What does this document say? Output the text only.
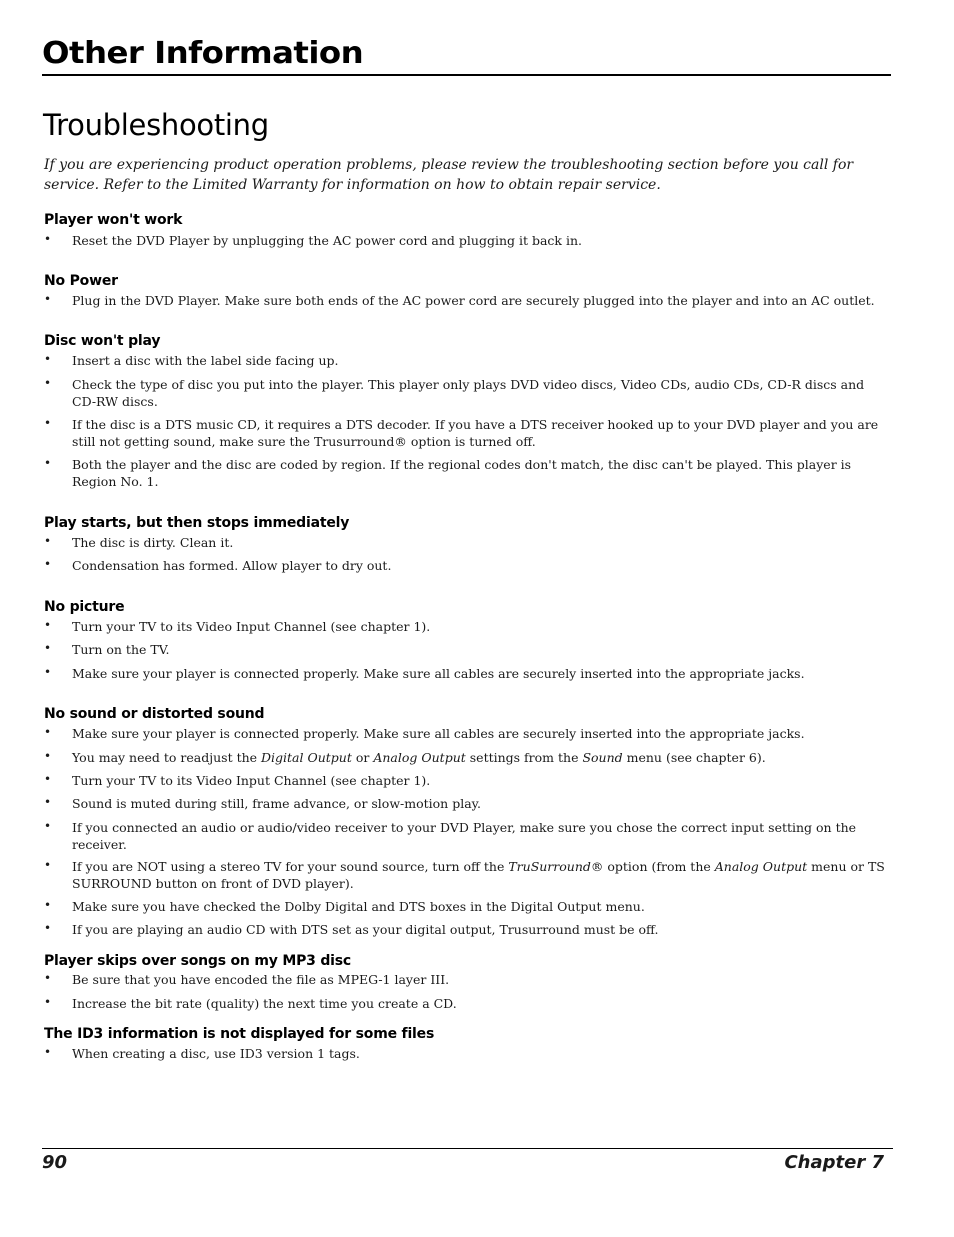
Other Information
Troubleshooting
If you are experiencing product operation problems, please review the troubleshooting section before you call for service. Refer to the Limited Warranty for information on how to obtain repair service.
Player won't work
• Reset the DVD Player by unplugging the AC power cord and plugging it back in.
No Power
• Plug in the DVD Player. Make sure both ends of the AC power cord are securely plugged into the player and into an AC outlet.
Disc won't play
• Insert a disc with the label side facing up.
• Check the type of disc you put into the player. This player only plays DVD video discs, Video CDs, audio CDs, CD-R discs and CD-RW discs.
• If the disc is a DTS music CD, it requires a DTS decoder. If you have a DTS receiver hooked up to your DVD player and you are still not getting sound, make sure the Trusurround® option is turned off.
• Both the player and the disc are coded by region. If the regional codes don't match, the disc can't be played. This player is Region No. 1.
Play starts, but then stops immediately
• The disc is dirty. Clean it.
• Condensation has formed. Allow player to dry out.
No picture
• Turn your TV to its Video Input Channel (see chapter 1).
• Turn on the TV.
• Make sure your player is connected properly. Make sure all cables are securely inserted into the appropriate jacks.
No sound or distorted sound
• Make sure your player is connected properly. Make sure all cables are securely inserted into the appropriate jacks.
• You may need to readjust the Digital Output or Analog Output settings from the Sound menu (see chapter 6).
• Turn your TV to its Video Input Channel (see chapter 1).
• Sound is muted during still, frame advance, or slow-motion play.
• If you connected an audio or audio/video receiver to your DVD Player, make sure you chose the correct input setting on the receiver.
• If you are NOT using a stereo TV for your sound source, turn off the TruSurround® option (from the Analog Output menu or TS SURROUND button on front of DVD player).
• Make sure you have checked the Dolby Digital and DTS boxes in the Digital Output menu.
• If you are playing an audio CD with DTS set as your digital output, Trusurround must be off.
Player skips over songs on my MP3 disc
• Be sure that you have encoded the file as MPEG-1 layer III.
• Increase the bit rate (quality) the next time you create a CD.
The ID3 information is not displayed for some files
• When creating a disc, use ID3 version 1 tags.
90	Chapter 7
